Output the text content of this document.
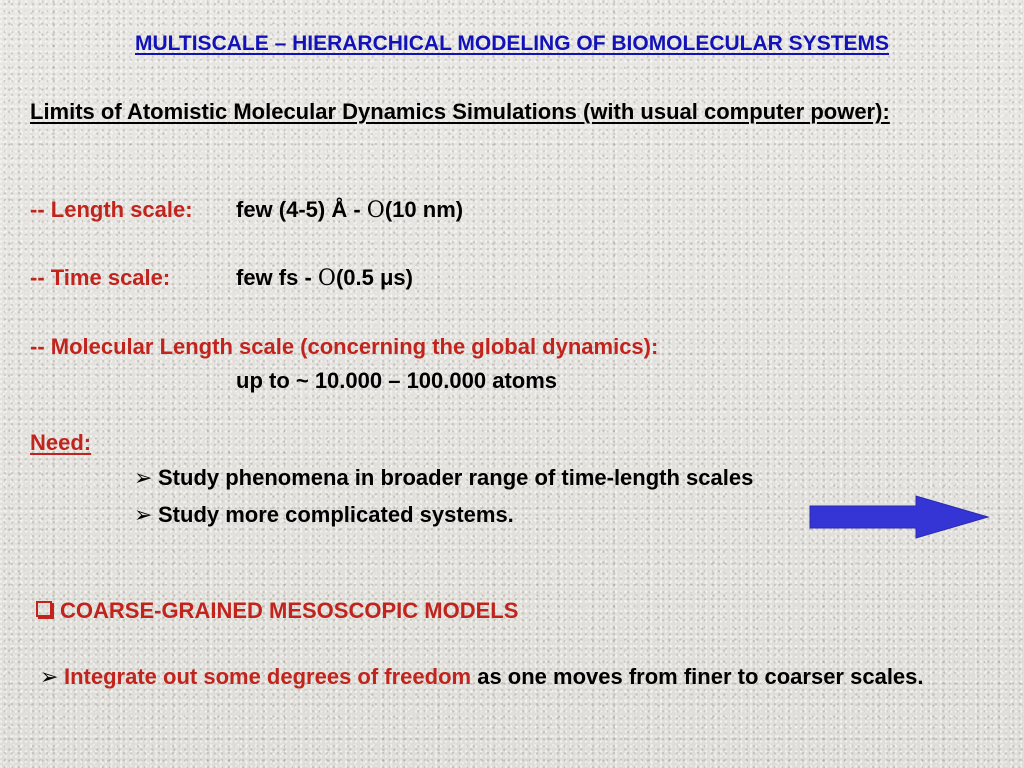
MULTISCALE – HIERARCHICAL MODELING OF BIOMOLECULAR SYSTEMS
Limits of Atomistic Molecular Dynamics Simulations (with usual computer power):
-- Length scale: few (4-5) Å - O(10 nm)
-- Time scale:	few fs - O(0.5 μs)
-- Molecular Length scale (concerning the global dynamics):
up to ~ 10.000 – 100.000 atoms
Need:
➢ Study phenomena in broader range of time-length scales
➢ Study more complicated systems.
COARSE-GRAINED MESOSCOPIC MODELS
➢ Integrate out some degrees of freedom as one moves from finer to coarser scales.
